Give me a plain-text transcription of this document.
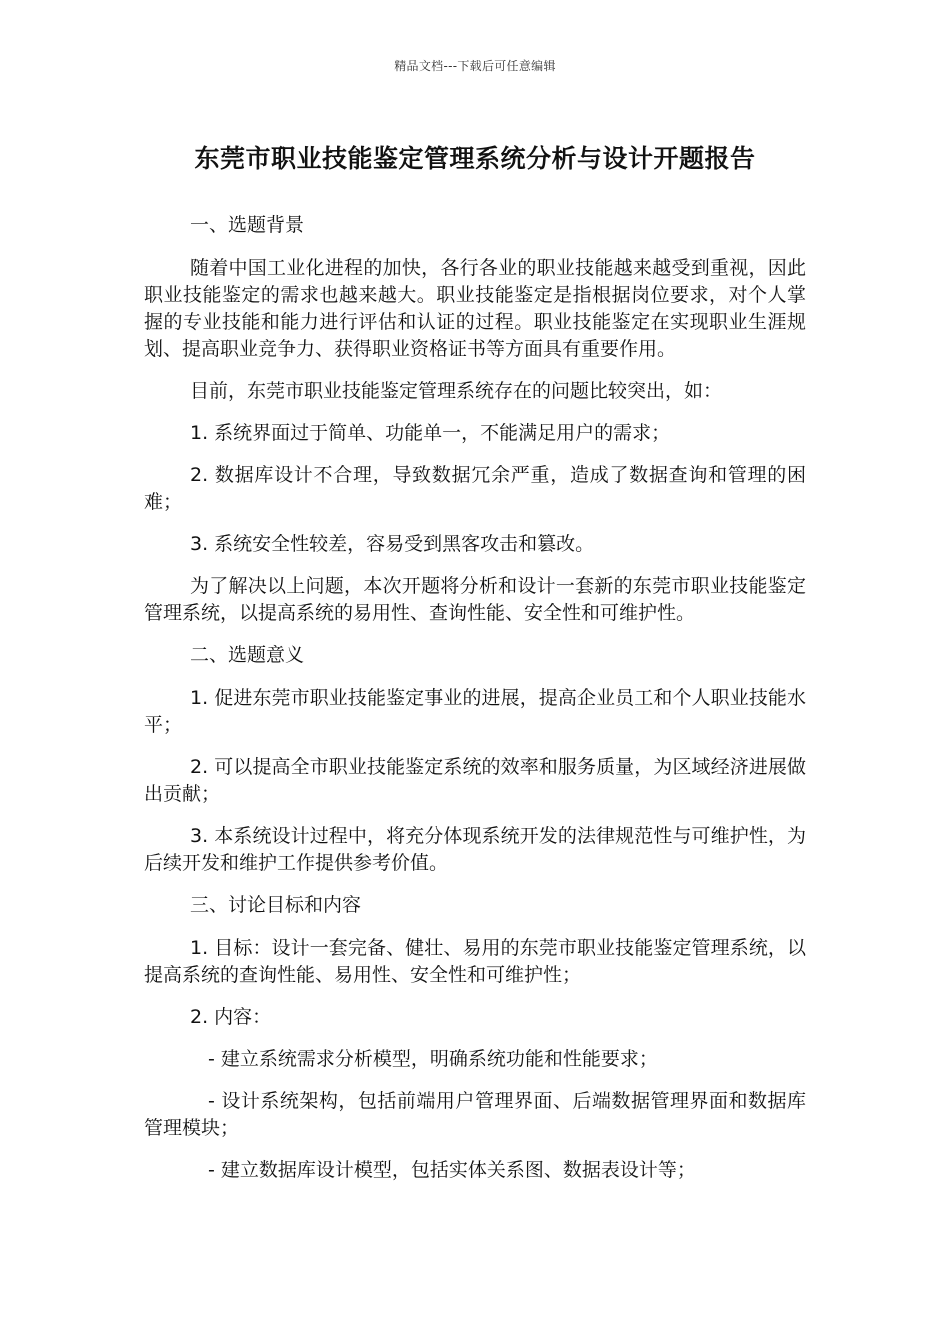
精品文档---下载后可任意编辑
东莞市职业技能鉴定管理系统分析与设计开题报告

一、选题背景

随着中国工业化进程的加快，各行各业的职业技能越来越受到重视，因此职业技能鉴定的需求也越来越大。职业技能鉴定是指根据岗位要求，对个人掌握的专业技能和能力进行评估和认证的过程。职业技能鉴定在实现职业生涯规划、提高职业竞争力、获得职业资格证书等方面具有重要作用。

目前，东莞市职业技能鉴定管理系统存在的问题比较突出，如：

1. 系统界面过于简单、功能单一，不能满足用户的需求；

2. 数据库设计不合理，导致数据冗余严重，造成了数据查询和管理的困难；

3. 系统安全性较差，容易受到黑客攻击和篡改。

为了解决以上问题，本次开题将分析和设计一套新的东莞市职业技能鉴定管理系统，以提高系统的易用性、查询性能、安全性和可维护性。

二、选题意义

1. 促进东莞市职业技能鉴定事业的进展，提高企业员工和个人职业技能水平；

2. 可以提高全市职业技能鉴定系统的效率和服务质量，为区域经济进展做出贡献；

3. 本系统设计过程中，将充分体现系统开发的法律规范性与可维护性，为后续开发和维护工作提供参考价值。

三、讨论目标和内容

1. 目标：设计一套完备、健壮、易用的东莞市职业技能鉴定管理系统，以提高系统的查询性能、易用性、安全性和可维护性；

2. 内容：

- 建立系统需求分析模型，明确系统功能和性能要求；

- 设计系统架构，包括前端用户管理界面、后端数据管理界面和数据库管理模块；

- 建立数据库设计模型，包括实体关系图、数据表设计等；
